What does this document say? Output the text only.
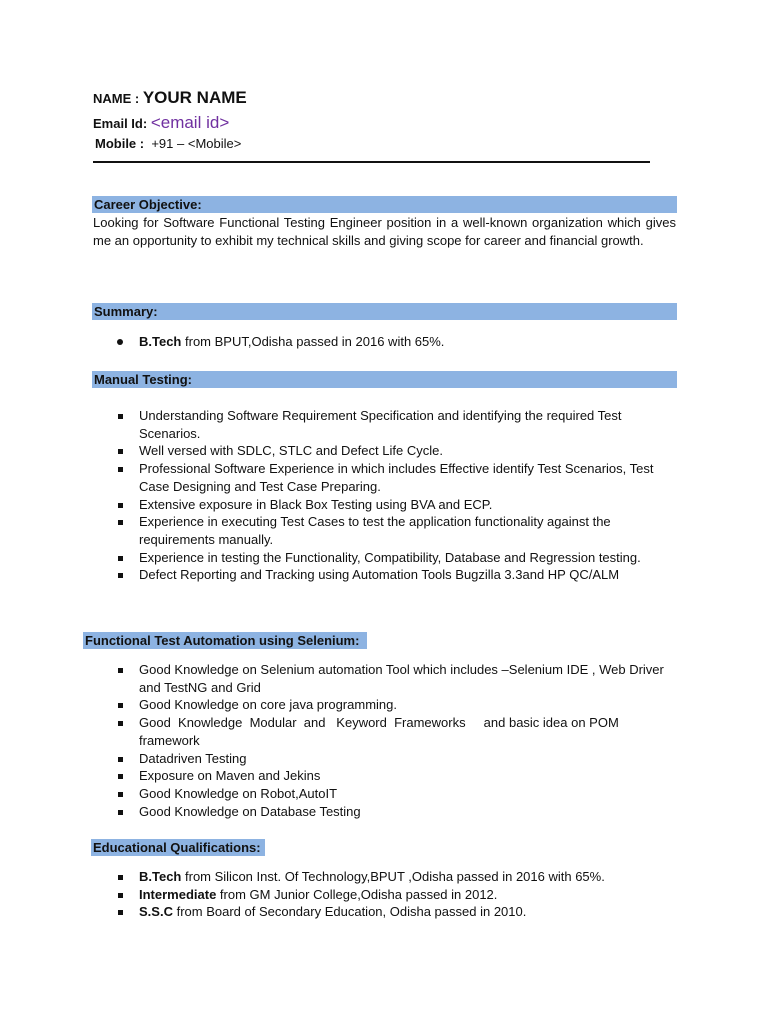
NAME : YOUR NAME
Email Id: <email id>
Mobile : +91 – <Mobile>
Career Objective:
Looking for Software Functional Testing Engineer position in a well-known organization which gives me an opportunity to exhibit my technical skills and giving scope for career and financial growth.
Summary:
B.Tech from BPUT,Odisha passed in 2016 with 65%.
Manual Testing:
Understanding Software Requirement Specification and identifying the required Test Scenarios.
Well versed with SDLC, STLC and Defect Life Cycle.
Professional Software Experience in which includes Effective identify Test Scenarios, Test Case Designing and Test Case Preparing.
Extensive exposure in Black Box Testing using BVA and ECP.
Experience in executing Test Cases to test the application functionality against the requirements manually.
Experience in testing the Functionality, Compatibility, Database and Regression testing.
Defect Reporting and Tracking using Automation Tools Bugzilla 3.3and HP QC/ALM
Functional Test Automation using Selenium:
Good Knowledge on Selenium automation Tool which includes –Selenium IDE , Web Driver and TestNG and Grid
Good Knowledge on core java programming.
Good  Knowledge  Modular  and   Keyword  Frameworks     and basic idea on POM framework
Datadriven Testing
Exposure on Maven and Jekins
Good Knowledge on Robot,AutoIT
Good Knowledge on Database Testing
Educational Qualifications:
B.Tech from Silicon Inst. Of Technology,BPUT ,Odisha passed in 2016 with 65%.
Intermediate from GM Junior College,Odisha passed in 2012.
S.S.C from Board of Secondary Education, Odisha passed in 2010.
